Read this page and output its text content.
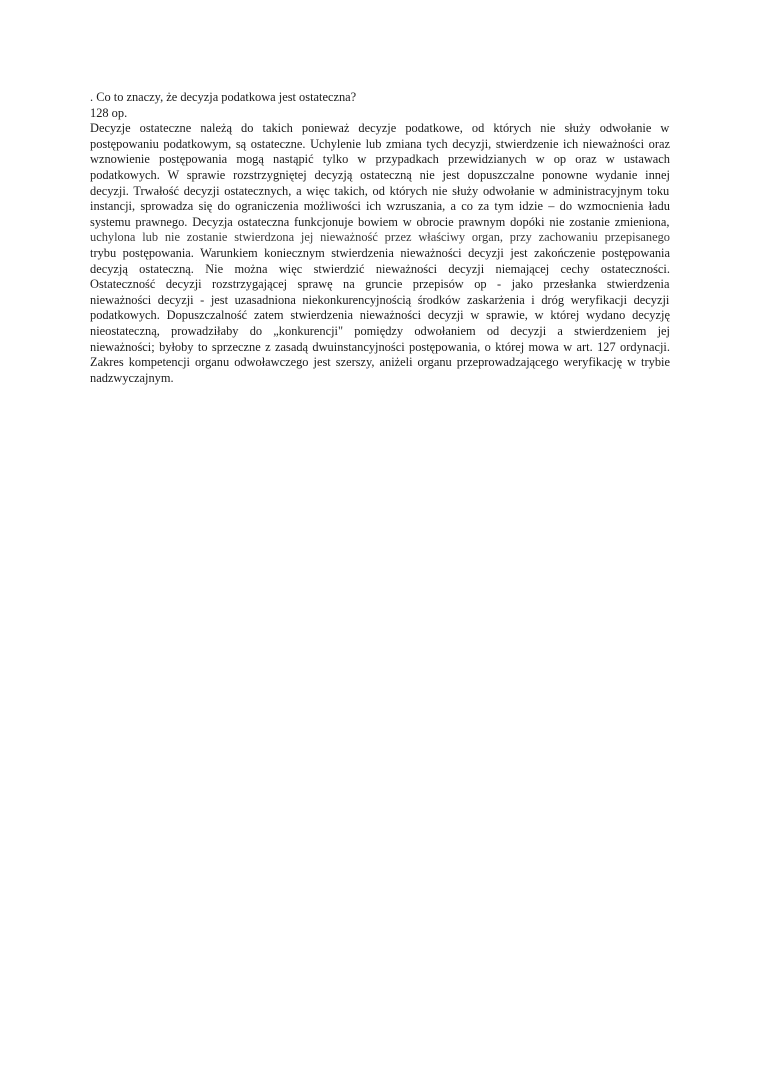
. Co to znaczy, że decyzja podatkowa jest ostateczna?

128 op.

Decyzje ostateczne należą do takich ponieważ decyzje podatkowe, od których nie służy odwołanie w
postępowaniu podatkowym, są ostateczne. Uchylenie lub zmiana tych decyzji, stwierdzenie ich nieważności oraz
wznowienie postępowania mogą nastąpić tylko w przypadkach przewidzianych w op oraz w ustawach
podatkowych. W sprawie rozstrzygniętej decyzją ostateczną nie jest dopuszczalne ponowne wydanie innej
decyzji. Trwałość decyzji ostatecznych, a więc takich, od których nie służy odwołanie w administracyjnym toku
instancji, sprowadza się do ograniczenia możliwości ich wzruszania, a co za tym idzie – do wzmocnienia ładu
systemu prawnego. Decyzja ostateczna funkcjonuje bowiem w obrocie prawnym dopóki nie zostanie zmieniona,
uchylona lub nie zostanie stwierdzona jej nieważność przez właściwy organ, przy zachowaniu przepisanego
trybu postępowania. Warunkiem koniecznym stwierdzenia nieważności decyzji jest zakończenie postępowania
decyzją ostateczną. Nie można więc stwierdzić nieważności decyzji niemającej cechy ostateczności.
Ostateczność decyzji rozstrzygającej sprawę na gruncie przepisów op - jako przesłanka stwierdzenia
nieważności decyzji - jest uzasadniona niekonkurencyjnością środków zaskarżenia i dróg weryfikacji decyzji
podatkowych. Dopuszczalność zatem stwierdzenia nieważności decyzji w sprawie, w której wydano decyzję
nieostateczną, prowadziłaby do „konkurencji" pomiędzy odwołaniem od decyzji a stwierdzeniem jej
nieważności; byłoby to sprzeczne z zasadą dwuinstancyjności postępowania, o której mowa w art. 127 ordynacji.
Zakres kompetencji organu odwoławczego jest szerszy, aniżeli organu przeprowadzającego weryfikację w trybie
nadzwyczajnym.
